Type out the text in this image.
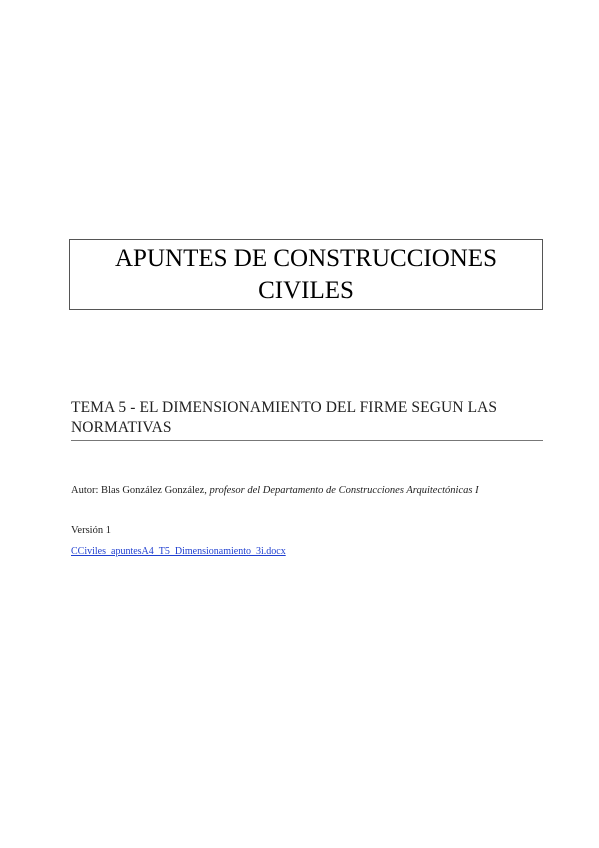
APUNTES DE CONSTRUCCIONES
CIVILES
TEMA 5 - EL DIMENSIONAMIENTO DEL FIRME SEGUN LAS NORMATIVAS
Autor: Blas González González, profesor del Departamento de Construcciones Arquitectónicas I
Versión 1
CCiviles_apuntesA4_T5_Dimensionamiento_3i.docx
